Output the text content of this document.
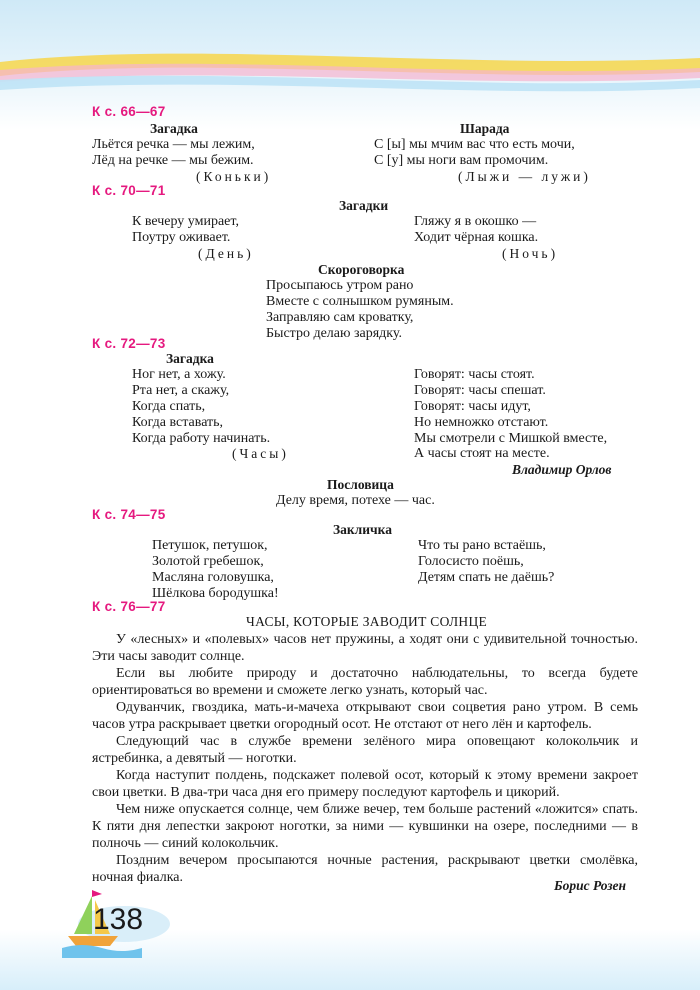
К с. 66—67
Загадка
Льётся речка — мы лежим,
Лёд на речке — мы бежим.
(Коньки)
Шарада
С [ы] мы мчим вас что есть мочи,
С [у] мы ноги вам промочим.
(Лыжи — лужи)
К с. 70—71
Загадки
К вечеру умирает,
Поутру оживает.
(День)
Гляжу я в окошко —
Ходит чёрная кошка.
(Ночь)
Скороговорка
Просыпаюсь утром рано
Вместе с солнышком румяным.
Заправляю сам кроватку,
Быстро делаю зарядку.
К с. 72—73
Загадка
Ног нет, а хожу.
Рта нет, а скажу,
Когда спать,
Когда вставать,
Когда работу начинать.
(Часы)
Говорят: часы стоят.
Говорят: часы спешат.
Говорят: часы идут,
Но немножко отстают.
Мы смотрели с Мишкой вместе,
А часы стоят на месте.
Владимир Орлов
Пословица
Делу время, потехе — час.
К с. 74—75
Закличка
Петушок, петушок,
Золотой гребешок,
Масляна головушка,
Шёлкова бородушка!
Что ты рано встаёшь,
Голосисто поёшь,
Детям спать не даёшь?
К с. 76—77
ЧАСЫ, КОТОРЫЕ ЗАВОДИТ СОЛНЦЕ

У «лесных» и «полевых» часов нет пружины, а ходят они с удивительной точностью. Эти часы заводит солнце.

Если вы любите природу и достаточно наблюдательны, то всегда будете ориентироваться во времени и сможете легко узнать, который час.

Одуванчик, гвоздика, мать-и-мачеха открывают свои соцветия рано утром. В семь часов утра раскрывает цветки огородный осот. Не отстают от него лён и картофель.

Следующий час в службе времени зелёного мира оповещают колокольчик и ястребинка, а девятый — ноготки.

Когда наступит полдень, подскажет полевой осот, который к этому времени закроет свои цветки. В два-три часа дня его примеру последуют картофель и цикорий.

Чем ниже опускается солнце, чем ближе вечер, тем больше растений «ложится» спать. К пяти дня лепестки закроют ноготки, за ними — кувшинки на озере, последними — в полночь — синий колокольчик.

Поздним вечером просыпаются ночные растения, раскрывают цветки смолёвка, ночная фиалка.

Борис Розен
138
